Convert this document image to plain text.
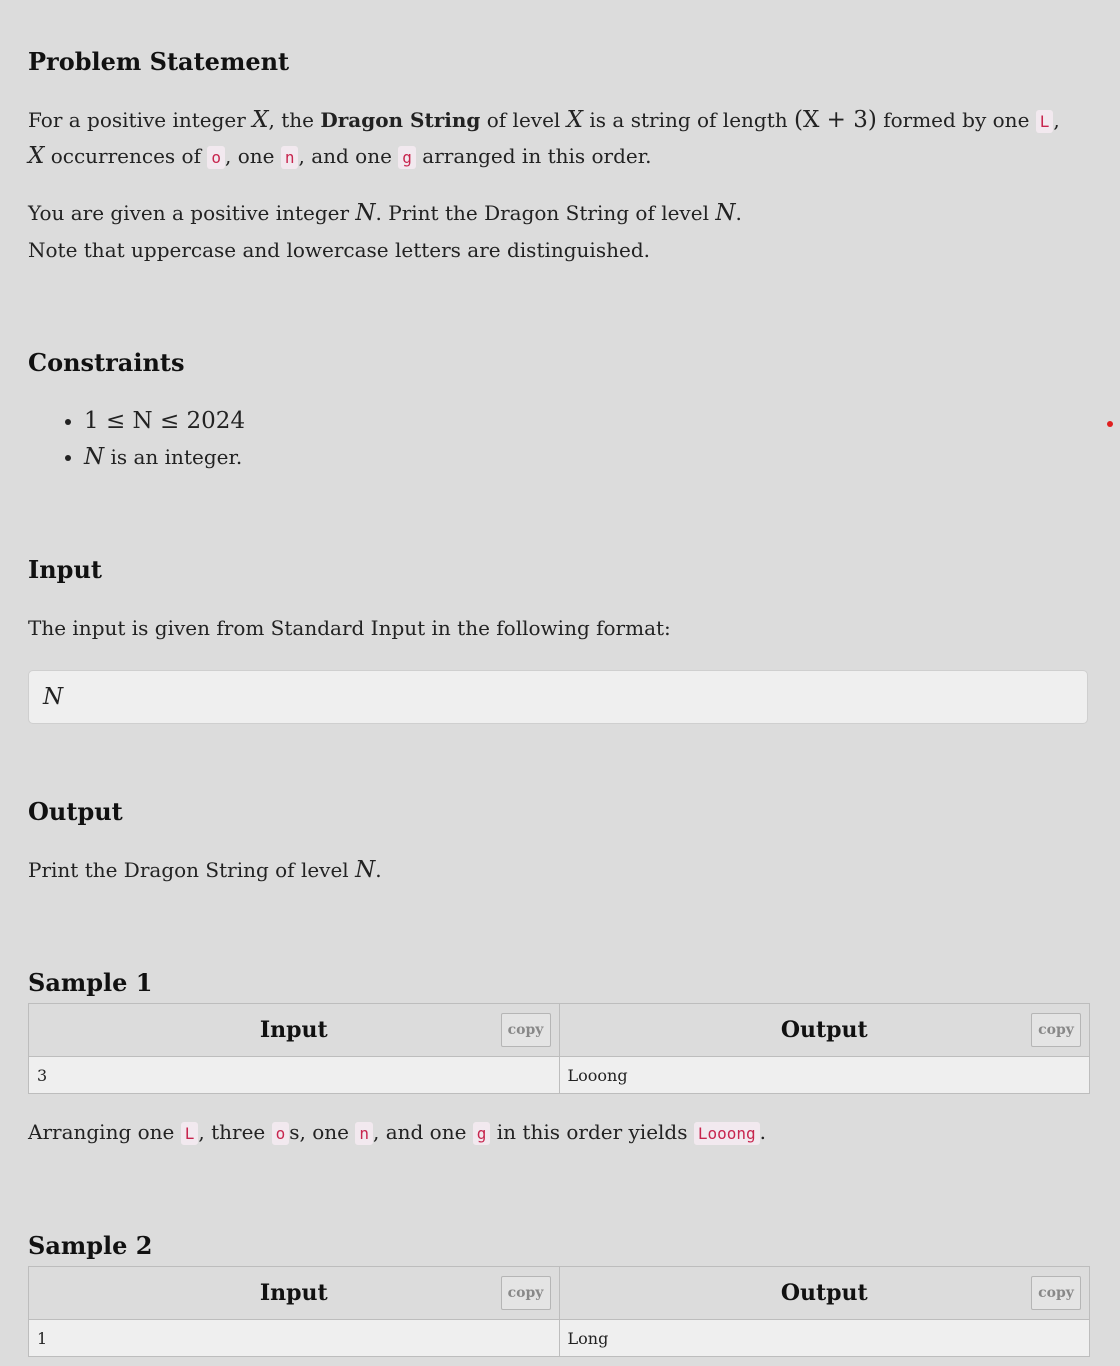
Problem Statement

For a positive integer X, the Dragon String of level X is a string of length (X + 3) formed by one L ,

X occurrences of o , one n , and one g arranged in this order.

You are given a positive integer N. Print the Dragon String of level N.

Note that uppercase and lowercase letters are distinguished.

Constraints
• 1 ≤ N ≤ 2024
• N is an integer.
Input

The input is given from Standard Input in the following format:

N
Output

Print the Dragon String of level N.

Sample 1
Input copy	Output copy

3	Looong

Arranging one L , three o s, one n , and one g in this order yields Looong .

Sample 2
Input copy	Output copy

1	Long
